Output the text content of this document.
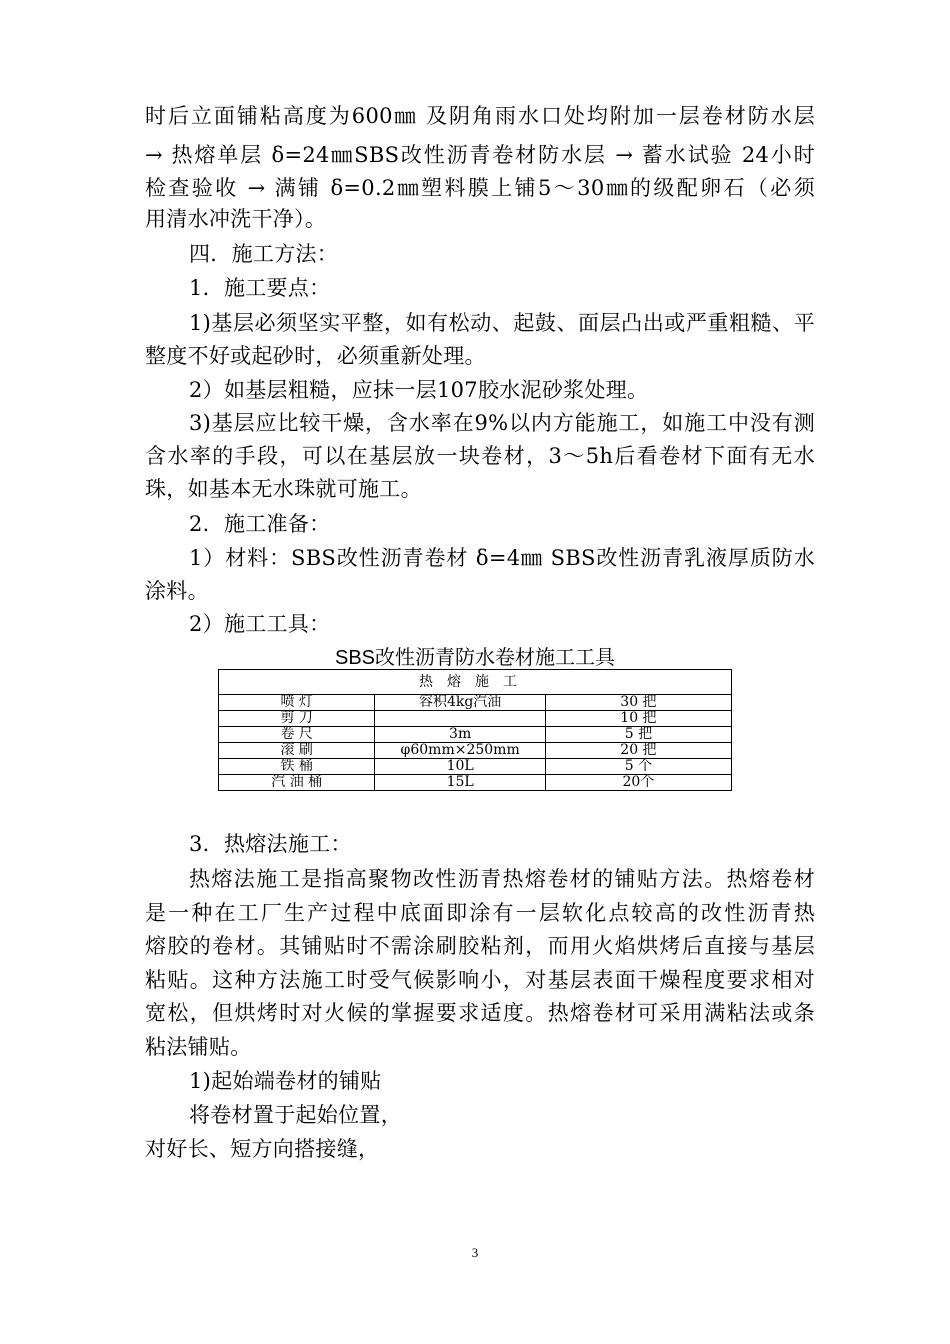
时后立面铺粘高度为600㎜ 及阴角雨水口处均附加一层卷材防水层
→ 热熔单层 δ=24㎜SBS改性沥青卷材防水层 → 蓄水试验 24小时
检查验收 → 满铺 δ=0.2㎜塑料膜上铺5～30㎜的级配卵石（必须
用清水冲洗干净）。
四．施工方法：
1．施工要点：
1)基层必须坚实平整，如有松动、起鼓、面层凸出或严重粗糙、平
整度不好或起砂时，必须重新处理。
2）如基层粗糙，应抹一层107胶水泥砂浆处理。
3)基层应比较干燥，含水率在9%以内方能施工，如施工中没有测
含水率的手段，可以在基层放一块卷材，3～5h后看卷材下面有无水
珠，如基本无水珠就可施工。
2．施工准备：
1）材料：SBS改性沥青卷材 δ=4㎜ SBS改性沥青乳液厚质防水
涂料。
2）施工工具：
SBS改性沥青防水卷材施工工具
热熔施工		
喷 灯	容积4kg汽油	30 把
剪 刀		10 把
卷 尺	3m	5 把
滚 刷	φ60mm×250mm	20 把
铁 桶	10L	5 个
汽 油 桶	15L	20个
3．热熔法施工：
热熔法施工是指高聚物改性沥青热熔卷材的铺贴方法。热熔卷材
是一种在工厂生产过程中底面即涂有一层软化点较高的改性沥青热
熔胶的卷材。其铺贴时不需涂刷胶粘剂，而用火焰烘烤后直接与基层
粘贴。这种方法施工时受气候影响小，对基层表面干燥程度要求相对
宽松，但烘烤时对火候的掌握要求适度。热熔卷材可采用满粘法或条
粘法铺贴。
1)起始端卷材的铺贴
将卷材置于起始位置，
对好长、短方向搭接缝，
3
